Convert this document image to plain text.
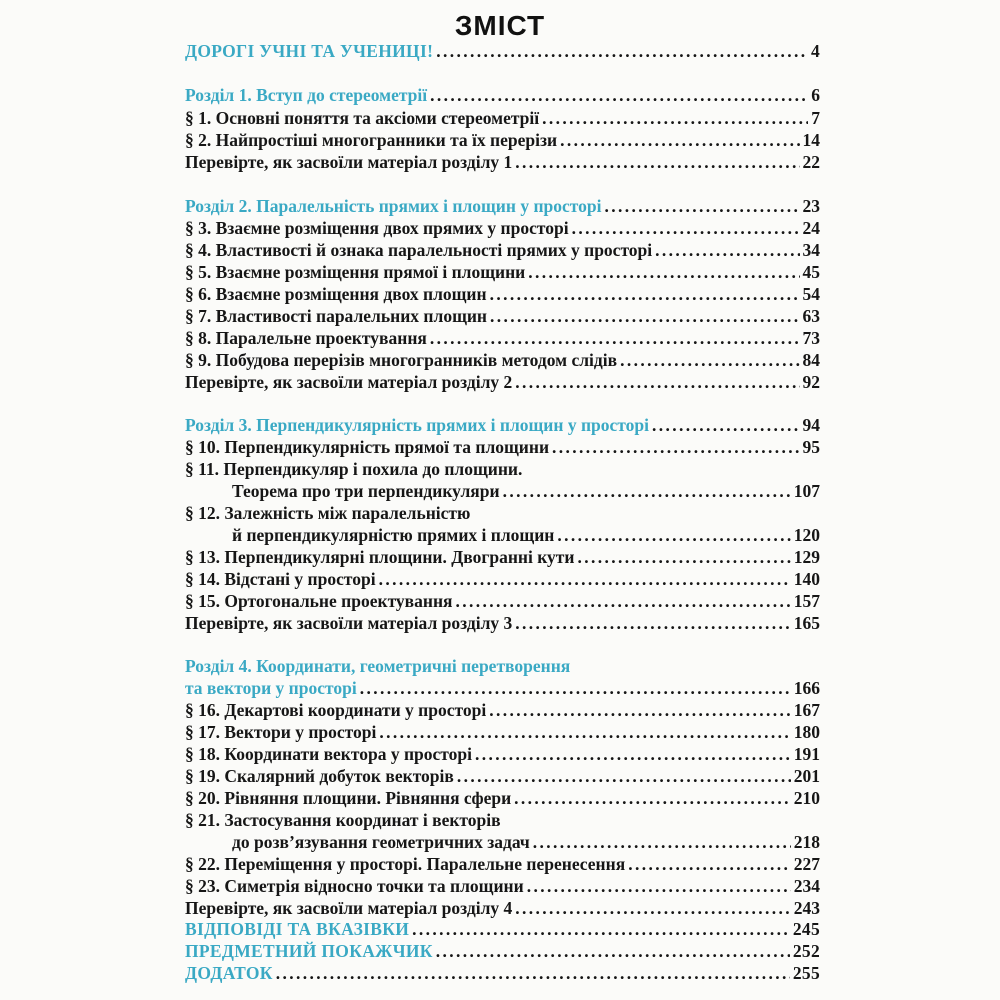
ЗМІСТ
ДОРОГІ УЧНІ ТА УЧЕНИЦІ! . . .	4
Розділ 1. Вступ до стереометрії . . .	6
§ 1. Основні поняття та аксіоми стереометрії . . .	7
§ 2. Найпростіші многогранники та їх перерізи . . .	14
Перевірте, як засвоїли матеріал розділу 1 . . .	22
Розділ 2. Паралельність прямих і площин у просторі . . .	23
§ 3. Взаємне розміщення двох прямих у просторі . . .	24
§ 4. Властивості й ознака паралельності прямих у просторі . . .	34
§ 5. Взаємне розміщення прямої і площини . . .	45
§ 6. Взаємне розміщення двох площин . . .	54
§ 7. Властивості паралельних площин . . .	63
§ 8. Паралельне проектування . . .	73
§ 9. Побудова перерізів многогранників методом слідів . . .	84
Перевірте, як засвоїли матеріал розділу 2 . . .	92
Розділ 3. Перпендикулярність прямих і площин у просторі . . .	94
§ 10. Перпендикулярність прямої та площини . . .	95
§ 11. Перпендикуляр і похила до площини.
Теорема про три перпендикуляри . . .	107
§ 12. Залежність між паралельністю
й перпендикулярністю прямих і площин . . .	120
§ 13. Перпендикулярні площини. Двогранні кути . . .	129
§ 14. Відстані у просторі . . .	140
§ 15. Ортогональне проектування . . .	157
Перевірте, як засвоїли матеріал розділу 3 . . .	165
Розділ 4. Координати, геометричні перетворення
та вектори у просторі . . .	166
§ 16. Декартові координати у просторі . . .	167
§ 17. Вектори у просторі . . .	180
§ 18. Координати вектора у просторі . . .	191
§ 19. Скалярний добуток векторів . . .	201
§ 20. Рівняння площини. Рівняння сфери . . .	210
§ 21. Застосування координат і векторів
до розв’язування геометричних задач . . .	218
§ 22. Переміщення у просторі. Паралельне перенесення . . .	227
§ 23. Симетрія відносно точки та площини . . .	234
Перевірте, як засвоїли матеріал розділу 4 . . .	243
ВІДПОВІДІ ТА ВКАЗІВКИ . . .	245
ПРЕДМЕТНИЙ ПОКАЖЧИК . . .	252
ДОДАТОК . . .	255
